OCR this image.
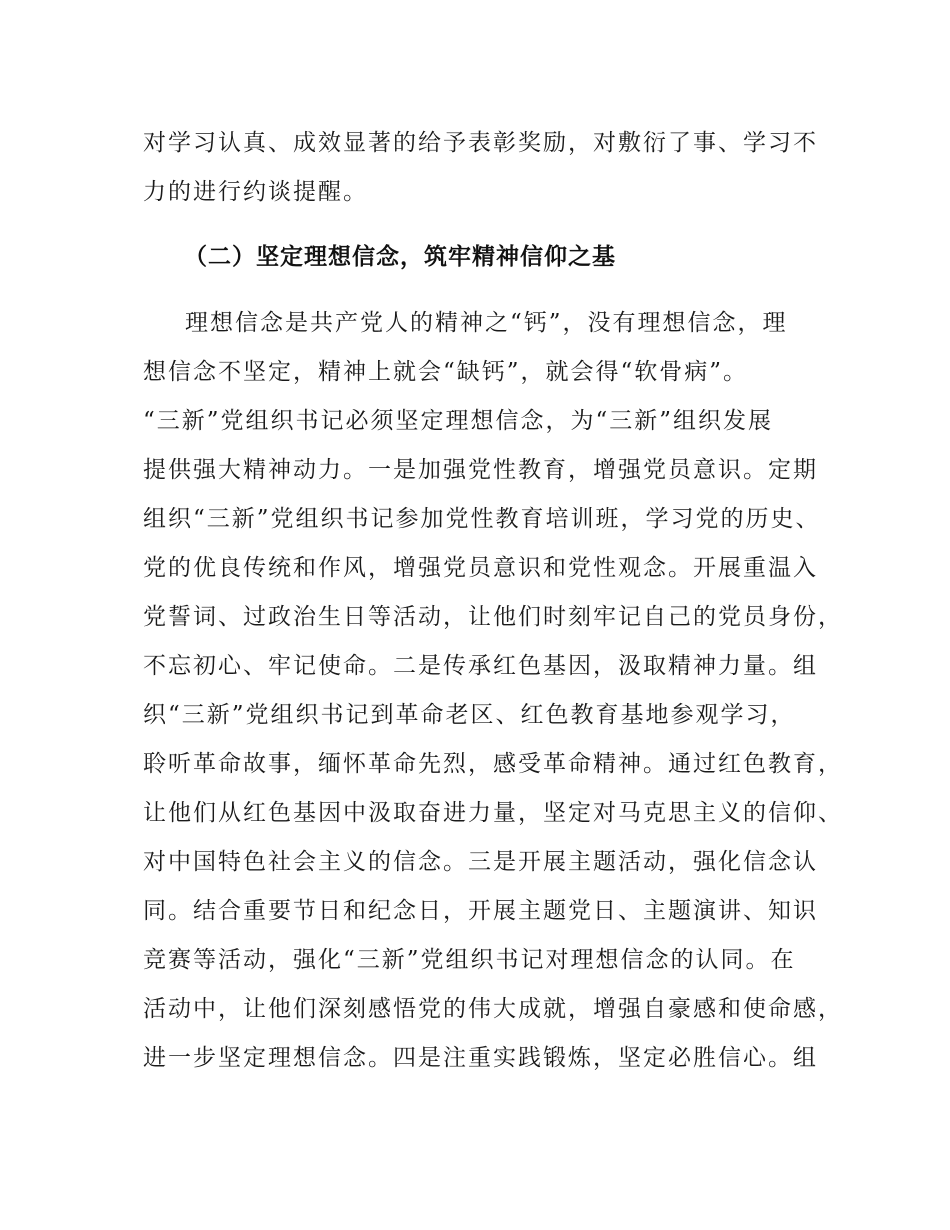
对学习认真、成效显著的给予表彰奖励，对敷衍了事、学习不
力的进行约谈提醒。
（二）坚定理想信念，筑牢精神信仰之基
　理想信念是共产党人的精神之“钙”，没有理想信念，理
想信念不坚定，精神上就会“缺钙”，就会得“软骨病”。
“三新”党组织书记必须坚定理想信念，为“三新”组织发展
提供强大精神动力。一是加强党性教育，增强党员意识。定期
组织“三新”党组织书记参加党性教育培训班，学习党的历史、
党的优良传统和作风，增强党员意识和党性观念。开展重温入
党誓词、过政治生日等活动，让他们时刻牢记自己的党员身份，
不忘初心、牢记使命。二是传承红色基因，汲取精神力量。组
织“三新”党组织书记到革命老区、红色教育基地参观学习，
聆听革命故事，缅怀革命先烈，感受革命精神。通过红色教育，
让他们从红色基因中汲取奋进力量，坚定对马克思主义的信仰、
对中国特色社会主义的信念。三是开展主题活动，强化信念认
同。结合重要节日和纪念日，开展主题党日、主题演讲、知识
竞赛等活动，强化“三新”党组织书记对理想信念的认同。在
活动中，让他们深刻感悟党的伟大成就，增强自豪感和使命感，
进一步坚定理想信念。四是注重实践锻炼，坚定必胜信心。组
